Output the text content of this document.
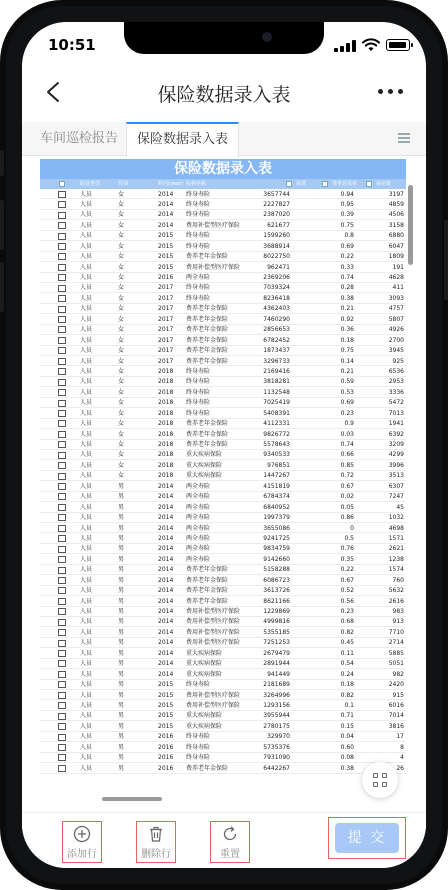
10:51
保险数据录入表
车间巡检报告	保险数据录入表
保险数据录入表
职业类型	性别	时间(year) 险种名称	保费	费率达成率	保单数
人员	女	2014 终身寿险	3657744	0.94	3197
人员	女	2014 终身寿险	2227827	0.95	4859
人员	女	2014 终身寿险	2387020	0.39	4506
人员	女	2014 费用补偿型医疗保险	621677	0.75	3158
人员	女	2015 终身寿险	1599260	0.8	6880
人员	女	2015 终身寿险	3688914	0.69	6047
人员	女	2015 费养老年金保险	8022750	0.22	1809
人员	女	2015 费用补偿型医疗保险	962471	0.33	191
人员	女	2016 两全寿险	2369206	0.74	4628
人员	女	2017 终身寿险	7039324	0.28	411
人员	女	2017 终身寿险	8236418	0.38	3093
人员	女	2017 费养老年金保险	4362403	0.21	4757
人员	女	2017 费养老年金保险	7460290	0.92	5807
人员	女	2017 费养老年金保险	2856653	0.36	4926
人员	女	2017 费养老年金保险	6782452	0.18	2700
人员	女	2017 费养老年金保险	1873437	0.75	3945
人员	女	2017 费养老年金保险	3296733	0.14	925
人员	女	2018 终身寿险	2169416	0.21	6536
人员	女	2018 终身寿险	3818281	0.59	2953
人员	女	2018 终身寿险	1132548	0.53	3336
人员	女	2018 终身寿险	7025419	0.69	5472
人员	女	2018 终身寿险	5408391	0.23	7013
人员	女	2018 费养老年金保险	4112331	0.9	1941
人员	女	2018 费养老年金保险	9826772	0.03	6392
人员	女	2018 费养老年金保险	5578643	0.74	3209
人员	女	2018 重大疾病保险	9340533	0.66	4299
人员	女	2018 重大疾病保险	976851	0.85	3996
人员	女	2018 重大疾病保险	1447267	0.72	3513
人员	男	2014 两全寿险	4151819	0.67	6307
人员	男	2014 两全寿险	6784374	0.02	7247
人员	男	2014 两全寿险	6840952	0.05	45
人员	男	2014 两全寿险	1997379	0.86	1032
人员	男	2014 两全寿险	3655086	0	4698
人员	男	2014 两全寿险	9241725	0.5	1571
人员	男	2014 两全寿险	9834759	0.76	2621
人员	男	2014 两全寿险	9142660	0.35	1238
人员	男	2014 费养老年金保险	5158288	0.22	1574
人员	男	2014 费养老年金保险	6086723	0.67	760
人员	男	2014 费养老年金保险	3613726	0.52	5632
人员	男	2014 费养老年金保险	8621166	0.56	2616
人员	男	2014 费用补偿型医疗保险	1229869	0.23	983
人员	男	2014 费用补偿型医疗保险	4999816	0.68	913
人员	男	2014 费用补偿型医疗保险	5355185	0.82	7710
人员	男	2014 费用补偿型医疗保险	7251253	0.45	2714
人员	男	2014 重大疾病保险	2679479	0.11	5885
人员	男	2014 重大疾病保险	2891944	0.54	5051
人员	男	2014 重大疾病保险	941449	0.24	982
人员	男	2015 终身寿险	2181689	0.18	2420
人员	男	2015 费用补偿型医疗保险	3264996	0.82	915
人员	男	2015 费用补偿型医疗保险	1293156	0.1	6016
人员	男	2015 重大疾病保险	3955944	0.71	7014
人员	男	2015 重大疾病保险	2780175	0.15	3816
人员	男	2016 终身寿险	329970	0.04	17
人员	男	2016 终身寿险	5735376	0.60	8
人员	男	2016 终身寿险	7931090	0.08	4
人员	男	2016 费养老年金保险	6442267	0.38	26
添加行	删除行	重置
提 交
